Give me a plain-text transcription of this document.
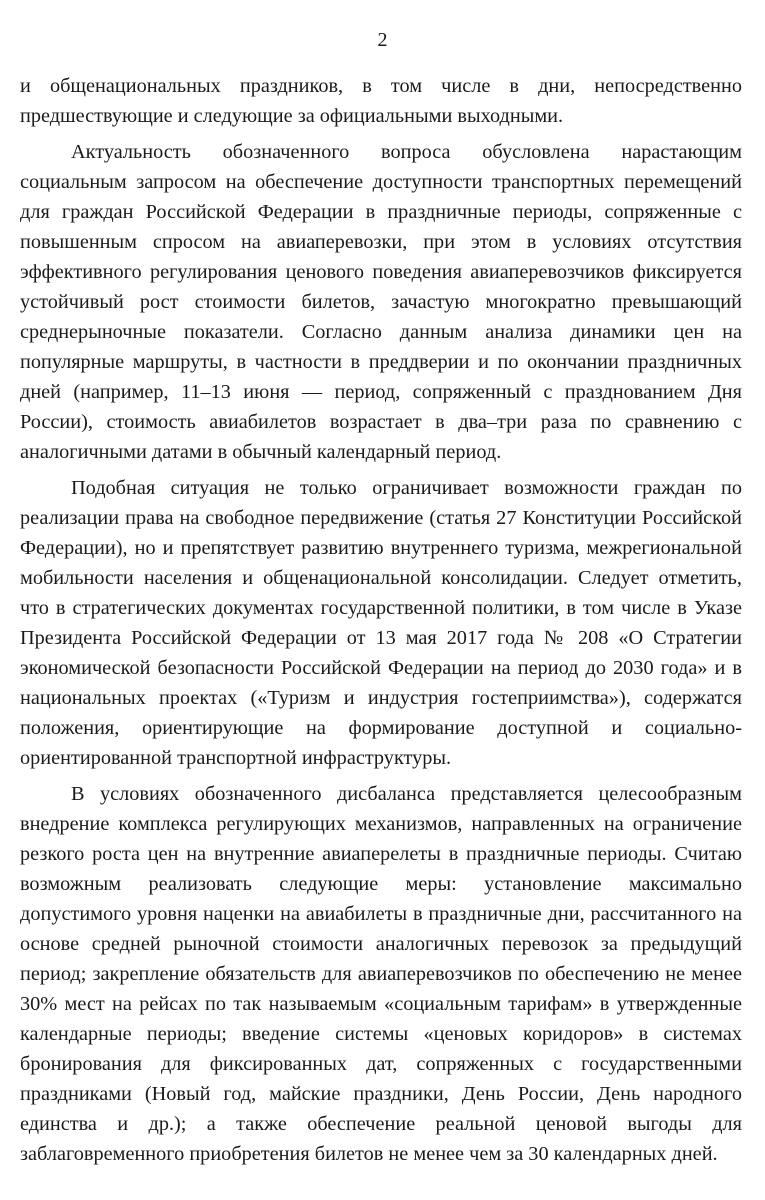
2

и общенациональных праздников, в том числе в дни, непосредственно предшествующие и следующие за официальными выходными.

Актуальность обозначенного вопроса обусловлена нарастающим социальным запросом на обеспечение доступности транспортных перемещений для граждан Российской Федерации в праздничные периоды, сопряженные с повышенным спросом на авиаперевозки, при этом в условиях отсутствия эффективного регулирования ценового поведения авиаперевозчиков фиксируется устойчивый рост стоимости билетов, зачастую многократно превышающий среднерыночные показатели. Согласно данным анализа динамики цен на популярные маршруты, в частности в преддверии и по окончании праздничных дней (например, 11–13 июня — период, сопряженный с празднованием Дня России), стоимость авиабилетов возрастает в два–три раза по сравнению с аналогичными датами в обычный календарный период.

Подобная ситуация не только ограничивает возможности граждан по реализации права на свободное передвижение (статья 27 Конституции Российской Федерации), но и препятствует развитию внутреннего туризма, межрегиональной мобильности населения и общенациональной консолидации. Следует отметить, что в стратегических документах государственной политики, в том числе в Указе Президента Российской Федерации от 13 мая 2017 года № 208 «О Стратегии экономической безопасности Российской Федерации на период до 2030 года» и в национальных проектах («Туризм и индустрия гостеприимства»), содержатся положения, ориентирующие на формирование доступной и социально-ориентированной транспортной инфраструктуры.

В условиях обозначенного дисбаланса представляется целесообразным внедрение комплекса регулирующих механизмов, направленных на ограничение резкого роста цен на внутренние авиаперелеты в праздничные периоды. Считаю возможным реализовать следующие меры: установление максимально допустимого уровня наценки на авиабилеты в праздничные дни, рассчитанного на основе средней рыночной стоимости аналогичных перевозок за предыдущий период; закрепление обязательств для авиаперевозчиков по обеспечению не менее 30% мест на рейсах по так называемым «социальным тарифам» в утвержденные календарные периоды; введение системы «ценовых коридоров» в системах бронирования для фиксированных дат, сопряженных с государственными праздниками (Новый год, майские праздники, День России, День народного единства и др.); а также обеспечение реальной ценовой выгоды для заблаговременного приобретения билетов не менее чем за 30 календарных дней.
